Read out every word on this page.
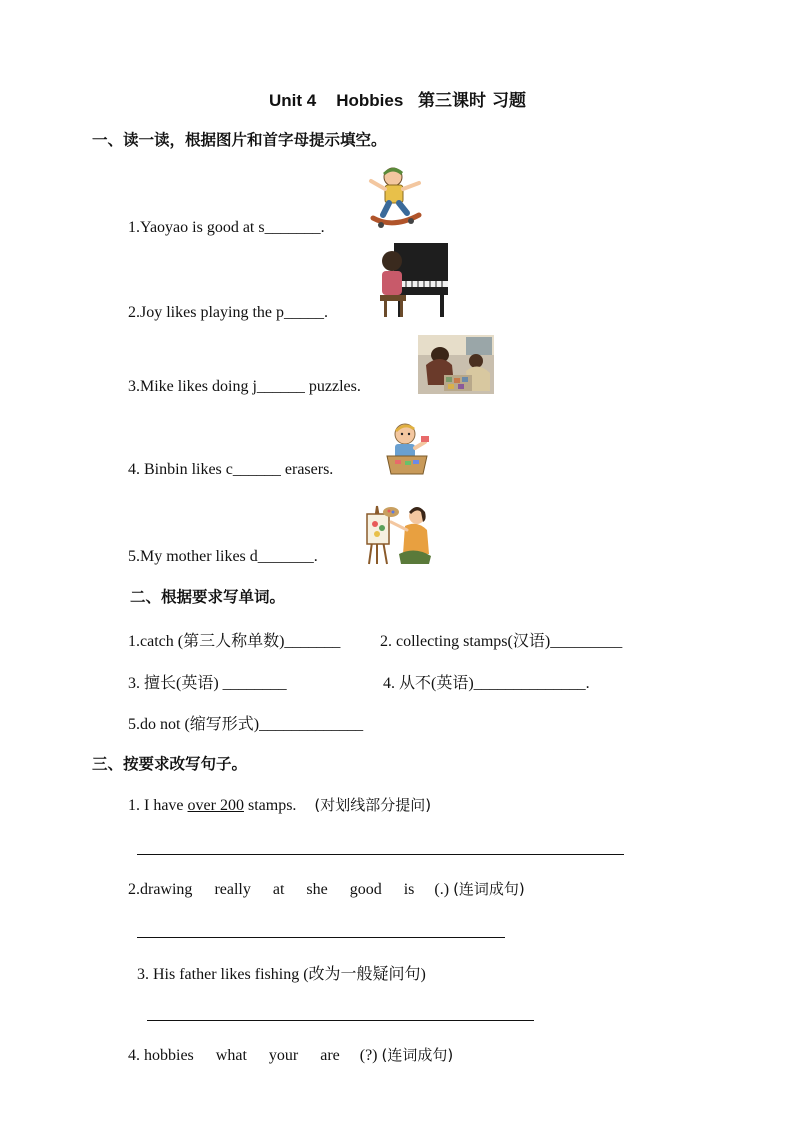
Unit 4 Hobbies 第三课时 习题
一、读一读，根据图片和首字母提示填空。
1.Yaoyao is good at s_______.
2.Joy likes playing the p_____.
3.Mike likes doing j______ puzzles.
4. Binbin likes c______ erasers.
5.My mother likes d_______.
二、根据要求写单词。
1.catch (第三人称单数)_______ 2. collecting stamps(汉语)_________
3. 擅长(英语) ________	4. 从不(英语)______________.
5.do not (缩写形式)_____________
三、按要求改写句子。
1. I have over 200 stamps. (对划线部分提问)
2.drawing really at she good is (.) (连词成句)
3. His father likes fishing (改为一般疑问句)
4. hobbies what your are (?) (连词成句)
